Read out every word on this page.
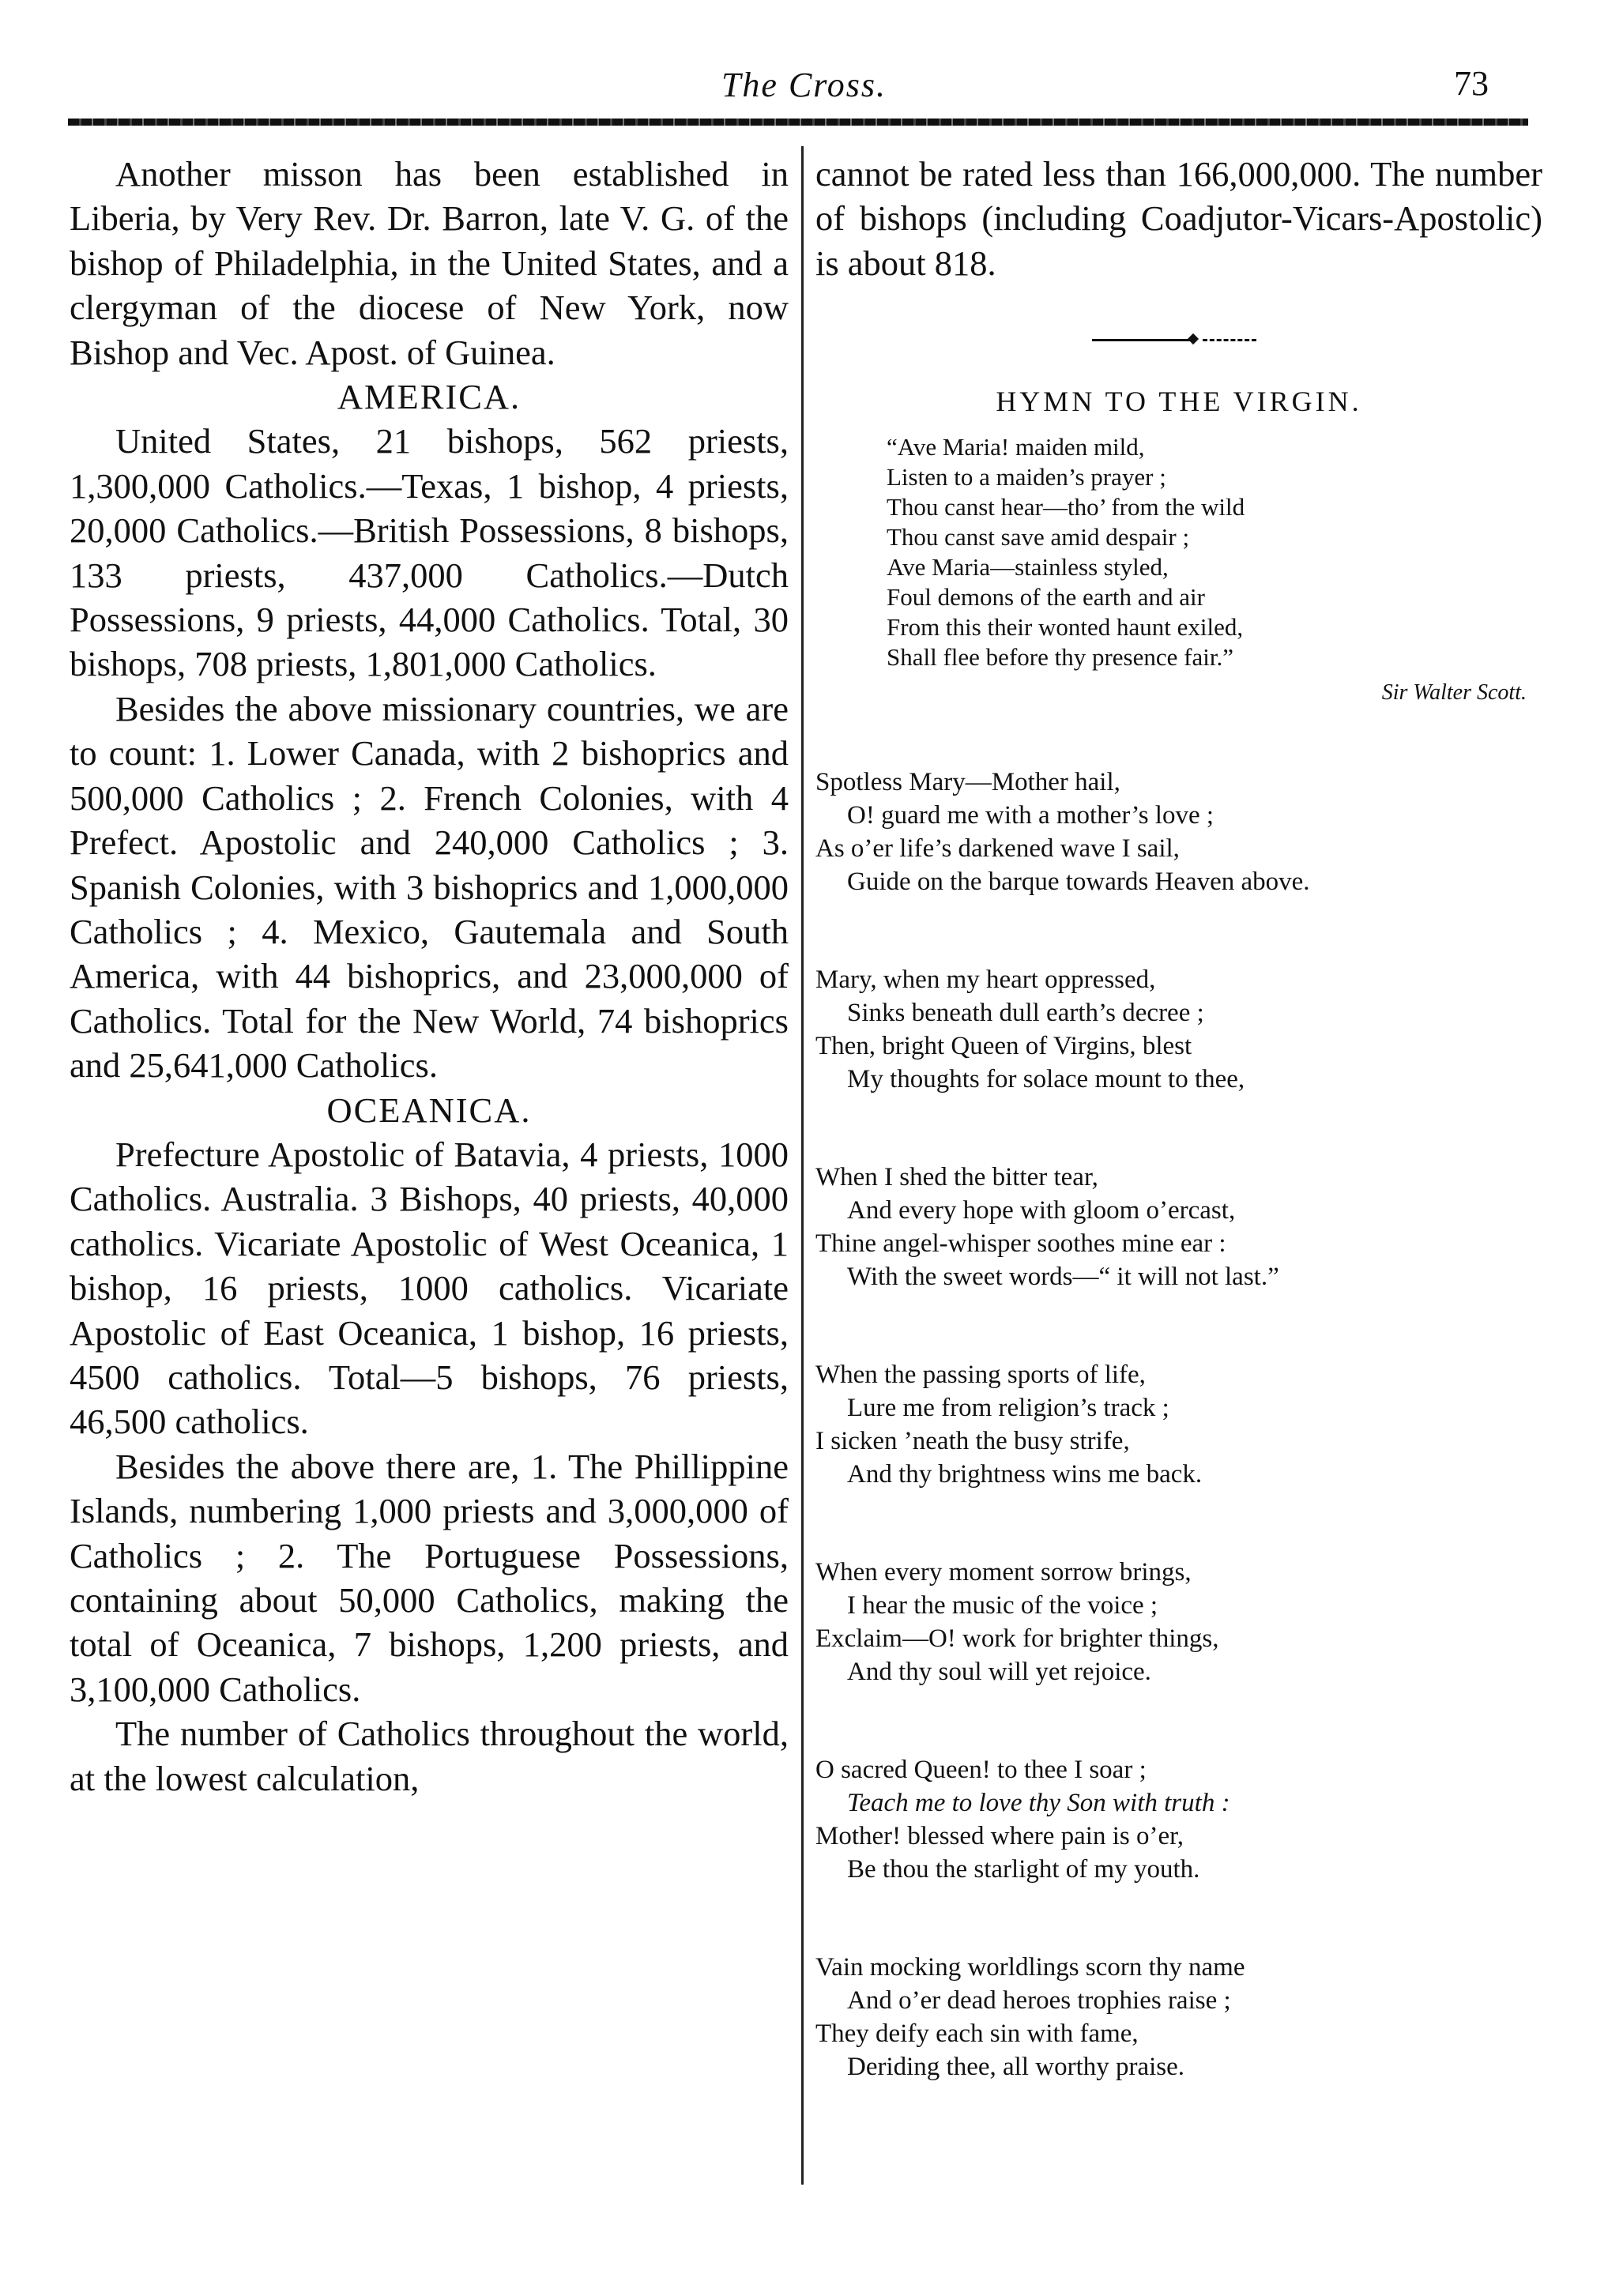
The Cross.	73

Another misson has been established in Liberia, by Very Rev. Dr. Barron, late V. G. of the bishop of Philadelphia, in the United States, and a clergyman of the diocese of New York, now Bishop and Vec. Apost. of Guinea.

AMERICA.

United States, 21 bishops, 562 priests, 1,300,000 Catholics.—Texas, 1 bishop, 4 priests, 20,000 Catholics.—British Possessions, 8 bishops, 133 priests, 437,000 Catholics.—Dutch Possessions, 9 priests, 44,000 Catholics. Total, 30 bishops, 708 priests, 1,801,000 Catholics.

Besides the above missionary countries, we are to count: 1. Lower Canada, with 2 bishoprics and 500,000 Catholics ; 2. French Colonies, with 4 Prefect. Apostolic and 240,000 Catholics ; 3. Spanish Colonies, with 3 bishoprics and 1,000,000 Catholics ; 4. Mexico, Gautemala and South America, with 44 bishoprics, and 23,000,000 of Catholics. Total for the New World, 74 bishoprics and 25,641,000 Catholics.

OCEANICA.

Prefecture Apostolic of Batavia, 4 priests, 1000 Catholics. Australia. 3 Bishops, 40 priests, 40,000 catholics. Vicariate Apostolic of West Oceanica, 1 bishop, 16 priests, 1000 catholics. Vicariate Apostolic of East Oceanica, 1 bishop, 16 priests, 4500 catholics. Total—5 bishops, 76 priests, 46,500 catholics.

Besides the above there are, 1. The Phillippine Islands, numbering 1,000 priests and 3,000,000 of Catholics ; 2. The Portuguese Possessions, containing about 50,000 Catholics, making the total of Oceanica, 7 bishops, 1,200 priests, and 3,100,000 Catholics.

The number of Catholics throughout the world, at the lowest calculation,

cannot be rated less than 166,000,000. The number of bishops (including Coadjutor-Vicars-Apostolic) is about 818.

HYMN TO THE VIRGIN.
“Ave Maria! maiden mild,
Listen to a maiden’s prayer ;
Thou canst hear—tho’ from the wild
Thou canst save amid despair ;
Ave Maria—stainless styled,
Foul demons of the earth and air
From this their wonted haunt exiled,
Shall flee before thy presence fair.”
Sir Walter Scott.
Spotless Mary—Mother hail,
O! guard me with a mother’s love ;
As o’er life’s darkened wave I sail,
Guide on the barque towards Heaven above.
Mary, when my heart oppressed,
Sinks beneath dull earth’s decree ;
Then, bright Queen of Virgins, blest
My thoughts for solace mount to thee,
When I shed the bitter tear,
And every hope with gloom o’ercast,
Thine angel-whisper soothes mine ear :
With the sweet words—“ it will not last.”
When the passing sports of life,
Lure me from religion’s track ;
I sicken ’neath the busy strife,
And thy brightness wins me back.
When every moment sorrow brings,
I hear the music of the voice ;
Exclaim—O! work for brighter things,
And thy soul will yet rejoice.
O sacred Queen! to thee I soar ;
Teach me to love thy Son with truth :
Mother! blessed where pain is o’er,
Be thou the starlight of my youth.
Vain mocking worldlings scorn thy name
And o’er dead heroes trophies raise ;
They deify each sin with fame,
Deriding thee, all worthy praise.
